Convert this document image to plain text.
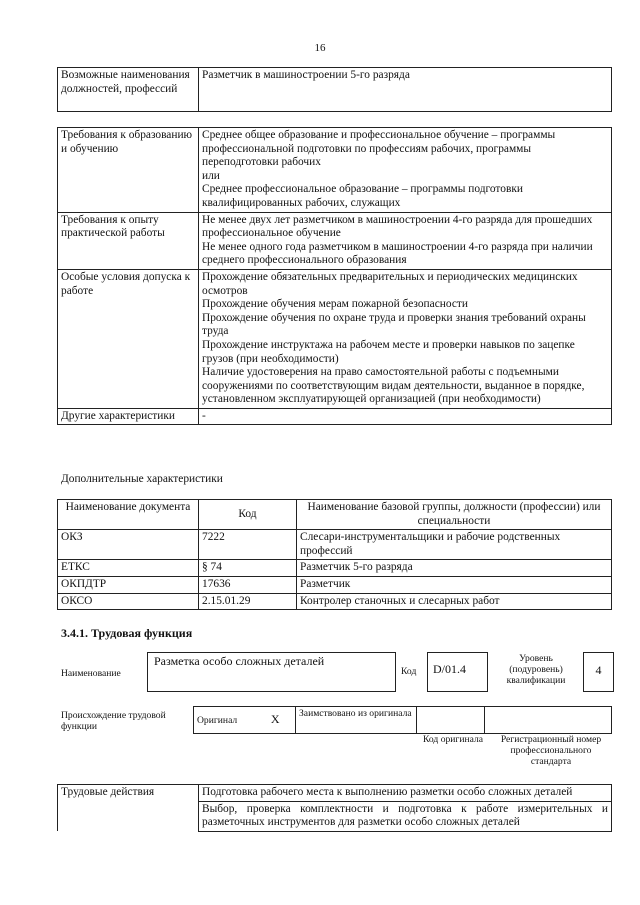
16
Возможные наименования должностей, профессий	Разметчик в машиностроении 5-го разряда
Требования к образованию и обучению	Среднее общее образование и профессиональное обучение – программы профессиональной подготовки по профессиям рабочих, программы переподготовки рабочих
или
Среднее профессиональное образование – программы подготовки квалифицированных рабочих, служащих

Требования к опыту практической работы	Не менее двух лет разметчиком в машиностроении 4-го разряда для прошедших профессиональное обучение
Не менее одного года разметчиком в машиностроении 4-го разряда при наличии среднего профессионального образования

Особые условия допуска к работе	Прохождение обязательных предварительных и периодических медицинских осмотров
Прохождение обучения мерам пожарной безопасности
Прохождение обучения по охране труда и проверки знания требований охраны труда
Прохождение инструктажа на рабочем месте и проверки навыков по зацепке грузов (при необходимости)
Наличие удостоверения на право самостоятельной работы с подъемными сооружениями по соответствующим видам деятельности, выданное в порядке, установленном эксплуатирующей организацией (при необходимости)

Другие характеристики	-
Дополнительные характеристики
Наименование документа	Код	Наименование базовой группы, должности (профессии) или специальности
ОКЗ	7222	Слесари-инструментальщики и рабочие родственных профессий
ЕТКС	§ 74	Разметчик 5-го разряда
ОКПДТР	17636	Разметчик
ОКСО	2.15.01.29	Контролер станочных и слесарных работ
3.4.1. Трудовая функция
Наименование
Разметка особо сложных деталей
Код	D/01.4
Уровень (подуровень) квалификации
4
Происхождение трудовой функции
Оригинал	X	Заимствовано из оригинала		
Код оригинала	Регистрационный номер профессионального стандарта
Трудовые действия	Подготовка рабочего места к выполнению разметки особо сложных деталей
Выбор, проверка комплектности и подготовка к работе измерительных и разметочных инструментов для разметки особо сложных деталей
